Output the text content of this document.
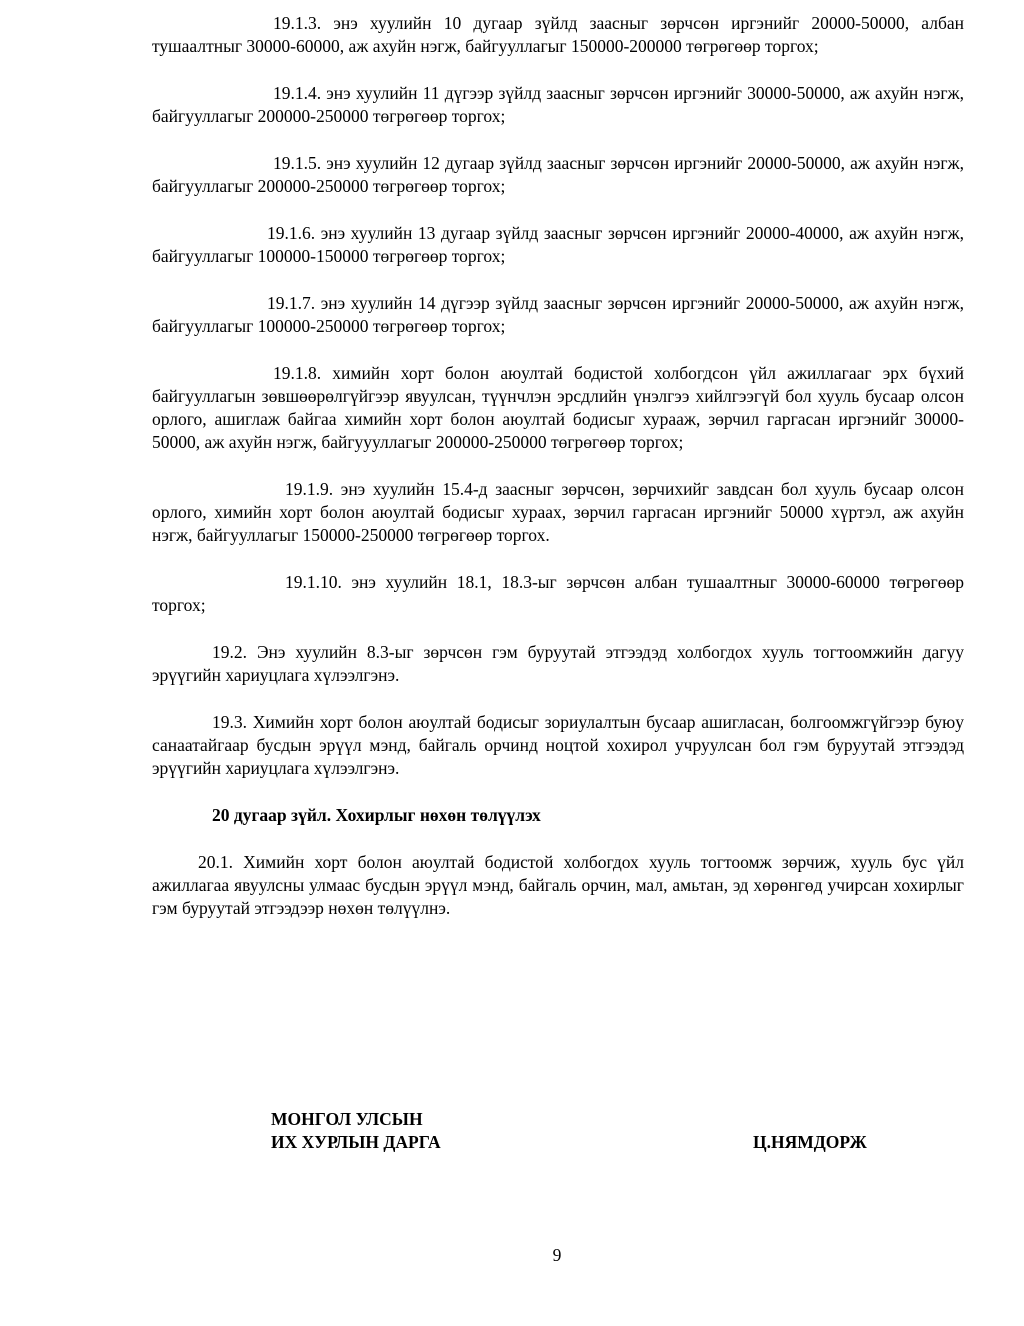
19.1.3. энэ хуулийн 10 дугаар зүйлд заасныг зөрчсөн иргэнийг 20000-50000, албан тушаалтныг 30000-60000, аж ахуйн нэгж, байгууллагыг 150000-200000 төгрөгөөр торгох;

19.1.4. энэ хуулийн 11 дүгээр зүйлд заасныг зөрчсөн иргэнийг 30000-50000, аж ахуйн нэгж, байгууллагыг 200000-250000 төгрөгөөр торгох;

19.1.5. энэ хуулийн 12 дугаар зүйлд заасныг зөрчсөн иргэнийг 20000-50000, аж ахуйн нэгж, байгууллагыг 200000-250000 төгрөгөөр торгох;

19.1.6. энэ хуулийн 13 дугаар зүйлд заасныг зөрчсөн иргэнийг 20000-40000, аж ахуйн нэгж, байгууллагыг 100000-150000 төгрөгөөр торгох;

19.1.7. энэ хуулийн 14 дүгээр зүйлд заасныг зөрчсөн иргэнийг 20000-50000, аж ахуйн нэгж, байгууллагыг 100000-250000 төгрөгөөр торгох;

19.1.8. химийн хорт болон аюултай бодистой холбогдсон үйл ажиллагааг эрх бүхий байгууллагын зөвшөөрөлгүйгээр явуулсан, түүнчлэн эрсдлийн үнэлгээ хийлгээгүй бол хууль бусаар олсон орлого, ашиглаж байгаа химийн хорт болон аюултай бодисыг хурааж, зөрчил гаргасан иргэнийг 30000-50000, аж ахуйн нэгж, байгуууллагыг 200000-250000 төгрөгөөр торгох;

19.1.9. энэ хуулийн 15.4-д заасныг зөрчсөн, зөрчихийг завдсан бол хууль бусаар олсон орлого, химийн хорт болон аюултай бодисыг хураах, зөрчил гаргасан иргэнийг 50000 хүртэл, аж ахуйн нэгж, байгууллагыг 150000-250000 төгрөгөөр торгох.

19.1.10. энэ хуулийн 18.1, 18.3-ыг зөрчсөн албан тушаалтныг 30000-60000 төгрөгөөр торгох;

19.2. Энэ хуулийн 8.3-ыг зөрчсөн гэм буруутай этгээдэд холбогдох хууль тогтоомжийн дагуу эрүүгийн хариуцлага хүлээлгэнэ.

19.3. Химийн хорт болон аюултай бодисыг зориулалтын бусаар ашигласан, болгоомжгүйгээр буюу санаатайгаар бусдын эрүүл мэнд, байгаль орчинд ноцтой хохирол учруулсан бол гэм буруутай этгээдэд эрүүгийн хариуцлага хүлээлгэнэ.

20 дугаар зүйл. Хохирлыг нөхөн төлүүлэх

20.1. Химийн хорт болон аюултай бодистой холбогдох хууль тогтоомж зөрчиж, хууль бус үйл ажиллагаа явуулсны улмаас бусдын эрүүл мэнд, байгаль орчин, мал, амьтан, эд хөрөнгөд учирсан хохирлыг гэм буруутай этгээдээр нөхөн төлүүлнэ.

МОНГОЛ УЛСЫН
ИХ ХУРЛЫН ДАРГА	Ц.НЯМДОРЖ
9
